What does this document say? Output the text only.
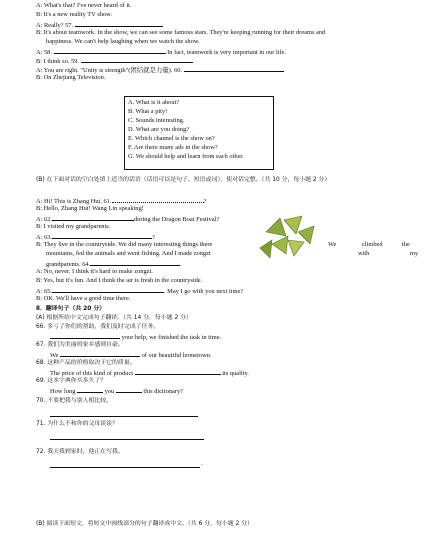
A: What's that? I've never heard of it.
B: It's a new reality TV show.
A: Really? 57.
B: It's about teamwork. In the show, we can see some famous stars. They're keeping running for their dreams and
happiness. We can't help laughing when we watch the show.
A: 58.	In fact, teamwork is very important in our life.
B: I think so. 59.
A: You are right. "Unity is strength"(团结就是力量). 60.
B: On Zhejiang Television.
A. What is it about?
B. What a pity!
C. Sounds interesting.
D. What are you doing?
E. Which channel is the show on?
F. Are there many ads in the show?
G. We should help and learn from each other.
(B) 在下面对话的空白处填上适当的话语（话语可以是句子、短语或词），使对话完整。（共 10 分，每小题 2 分）
A: Hi! This is Zhang Hui. 61.	?
B: Hello, Zhang Hui! Wang Lin speaking!
A: 62.	during the Dragon Boat Festival?
B: I visited my grandparents.
A: 63.	?
B: They live in the countryside. We did many interesting things there	We	climbed	the
mountains, fed the animals and went fishing. And I made zongzi	with	my
grandparents. 64.	.
A: No, never. I think it's hard to make zongzi.
B: Yes, but it's fun. And I think the air is fresh in the countryside.
A: 65.	. May I go with you next time?
B: OK. We'll have a good time there.
Ⅱ．翻译句子（共 20 分）
(A) 根据所给中文完成句子翻译。（共 14 分，每小题 2 分）
66. 多亏了你们的帮助，我们及时完成了任务。
your help, we finished the task in time.
67. 我们为美丽的家乡感到自豪。
We	of our beautiful hometown.
68. 这种产品的价格取决于它的质量。
The price of this kind of product	its quality.
69. 这本字典你买多久了？
How long	you	this dictionary?
70. 不要把我与别人相比较。
71. 为什么不和你的父母谈谈？
72. 我天我到家时，他正在写我。
.
(B) 阅读下面短文，将短文中画线部分的句子翻译成中文。（共 6 分，每小题 2 分）
